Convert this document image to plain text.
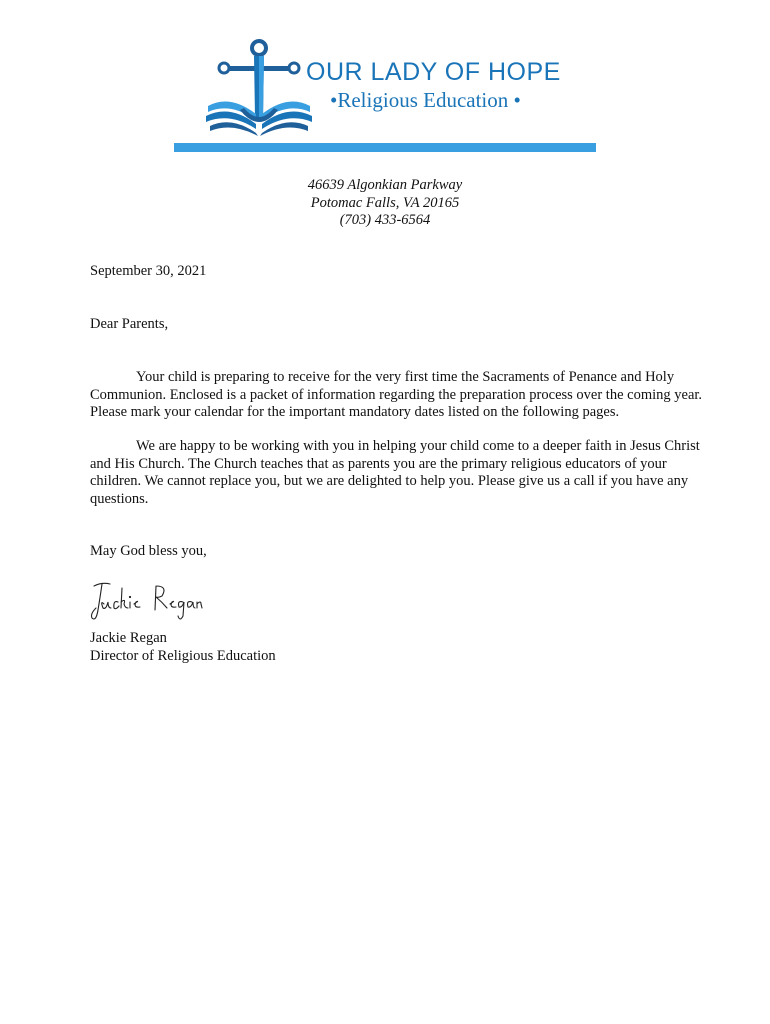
OUR LADY OF HOPE
•Religious Education •
46639 Algonkian Parkway
Potomac Falls, VA 20165
(703) 433-6564
September 30, 2021
Dear Parents,
Your child is preparing to receive for the very first time the Sacraments of Penance and Holy Communion. Enclosed is a packet of information regarding the preparation process over the coming year. Please mark your calendar for the important mandatory dates listed on the following pages.
We are happy to be working with you in helping your child come to a deeper faith in Jesus Christ and His Church. The Church teaches that as parents you are the primary religious educators of your children. We cannot replace you, but we are delighted to help you. Please give us a call if you have any questions.
May God bless you,
Jackie Regan
Director of Religious Education
